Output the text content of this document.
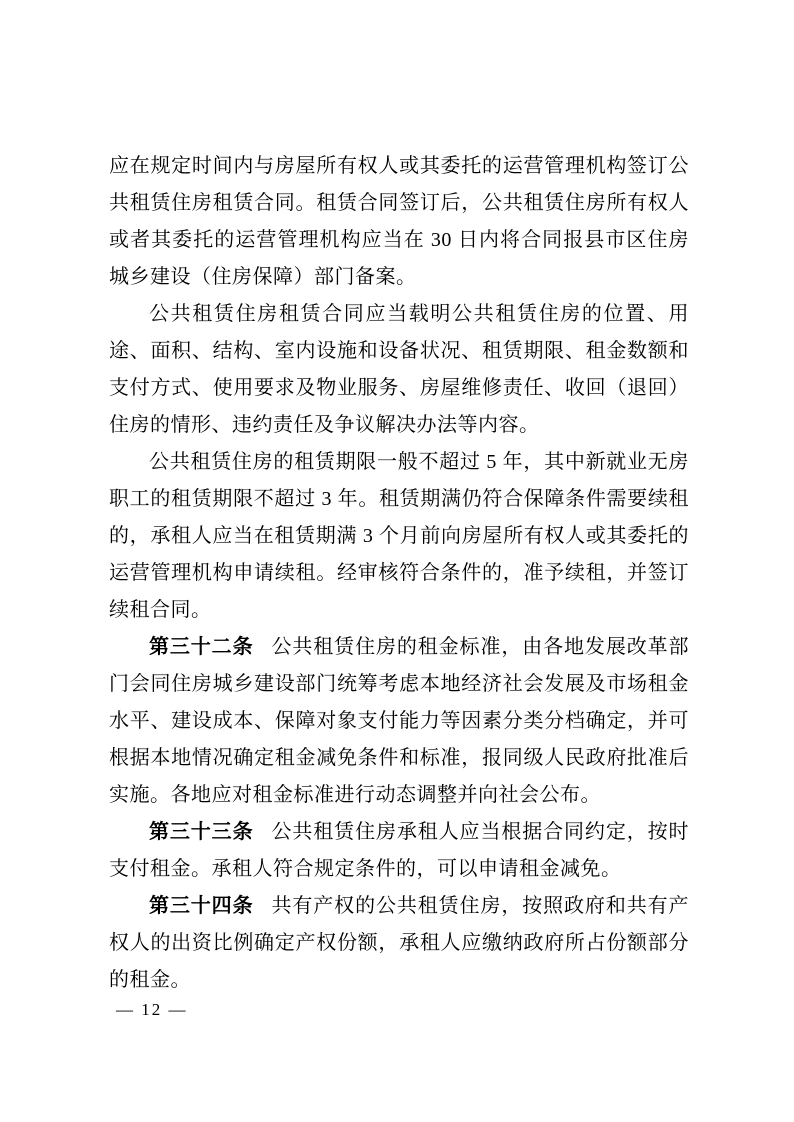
应在规定时间内与房屋所有权人或其委托的运营管理机构签订公共租赁住房租赁合同。租赁合同签订后，公共租赁住房所有权人或者其委托的运营管理机构应当在 30 日内将合同报县市区住房城乡建设（住房保障）部门备案。

公共租赁住房租赁合同应当载明公共租赁住房的位置、用途、面积、结构、室内设施和设备状况、租赁期限、租金数额和支付方式、使用要求及物业服务、房屋维修责任、收回（退回）住房的情形、违约责任及争议解决办法等内容。

公共租赁住房的租赁期限一般不超过 5 年，其中新就业无房职工的租赁期限不超过 3 年。租赁期满仍符合保障条件需要续租的，承租人应当在租赁期满 3 个月前向房屋所有权人或其委托的运营管理机构申请续租。经审核符合条件的，准予续租，并签订续租合同。

第三十二条 公共租赁住房的租金标准，由各地发展改革部门会同住房城乡建设部门统筹考虑本地经济社会发展及市场租金水平、建设成本、保障对象支付能力等因素分类分档确定，并可根据本地情况确定租金减免条件和标准，报同级人民政府批准后实施。各地应对租金标准进行动态调整并向社会公布。

第三十三条 公共租赁住房承租人应当根据合同约定，按时支付租金。承租人符合规定条件的，可以申请租金减免。

第三十四条 共有产权的公共租赁住房，按照政府和共有产权人的出资比例确定产权份额，承租人应缴纳政府所占份额部分的租金。

— 12 —
